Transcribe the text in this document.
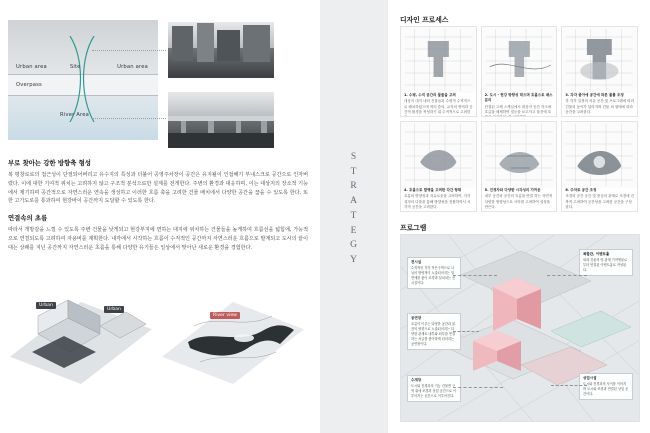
Urban area	Urban area
Site
Overpass
River Area
부로 찾아는 강한 방향축 형성

복 평창로로의 접근성이 단절되어버리고 유수지의 특성과 더불어 공영주차장이 공간은 유지될이 인접해기 부내스크로 공간으로 인자버렸다. 이에 대한 기여적 위치는 고려하지 않고 구조적 분석으로만 설계를 전개한다. 주변의 환경과 대응하며, 이는 대상지의 장소적 기능에서 제기하며 공간적으로 자연스러운 연속을 생성하고 이러한 흐름 축을 고려한 건물 배치에서 다양한 공간을 끊을 수 있도록 한다. 또한 고가도로를 통과하여 현강바이 공간까지 도달할 수 있도록 한다.

연결속의 초름

따라서 개방감을 느낄 수 있도록 주변 건물을 낮게되고 현강부지에 면하는 대지에 위치하는 건물들을 높게하여 흐름선을 넓힘에, 가능적으로 연결되도록 고려하여 자용버를 계획한다. 내각에서 시작하는 흐름이 수직적인 공간까지 자연스러운 흐름으로 발계되고 도시의 끝이대는 상쾌를 지닌 공간까지 자연스러운 초름을 통해 다양한 유기들은 일상에서 맞아난 새로운 환경을 경험한다.

Urban
Urban
River view
S
T
R
A
T
E
G
Y
디자인 프로세스
1. 수평, 수직 공간의 물꼴을 고려
대상지 대지 내의 건물들과 수평적 수직적으로 배치하였으며 여러 층의, 교각의 영역과 공간적 환경을 작성하기 위 수직적으로 고려한다.
2. 도시 - 현강 방향성 막으며 흐름으로 매스 분리
단절된 고체 스케일에서 대상지 공간 자크에 흐름을 매체하여 열등을 보고자고 물건에 흐름을 고려한다. 볼 고려한다.
3. 각각 좋아에 공간에 따른 볼륨 조정
각 각각 설정의 자유 공간 및 프로그램에 따라 건물의 높이가 달라지며 건물 외 형태에 따라 공간을 고려한다.
4. 흐름으로 발행을 고려한 각간 형태
흐름의 방향성과 자유로움을 고려하여, 각각 설정의 다를을 통해 방향성을 전환하여서 시각적 공간을 고려한다.
5. 진경자와 다양한 시각성의 가까운
내부 공간과 공간의 흐름을 연결 하는 자연적 다양한 방향성으로 시야를 고려하여 설정을 만든다.
6. 주차로 공간 조정
조경의 공간 공간 및 중심의 관계로 조경에 건축적 고려하여 공간성을 고려한 공간을 구성한다.
프로그램
전시실
수직적인 각각 작은구역으로 나뉘어 방영적이 노출되어지는 입면에를 좋아 조경과 설치되는 전시실이다.
공연장
흐름이 이루는 다양한 공간과 물건의 영향으로 노출되어지는 다양한 관계로 내부와 외부를 연결하는 서클를 좋아하게 되어지는 공연장이다.
수계장
도시와 진경과의 기능 건물면 구역 위에 조경과 상업 공간으로 이루어지는 공간으로 이루어진다.
복합관, 이벤트홀
외곽 건물의 양 관계 기여생물로부터 연결된 이벤트홀로 작성된다.
상업시설
도시와 진경과의 사이를 이어지며 도시와 조경과 연결된 상업 공간이다.
